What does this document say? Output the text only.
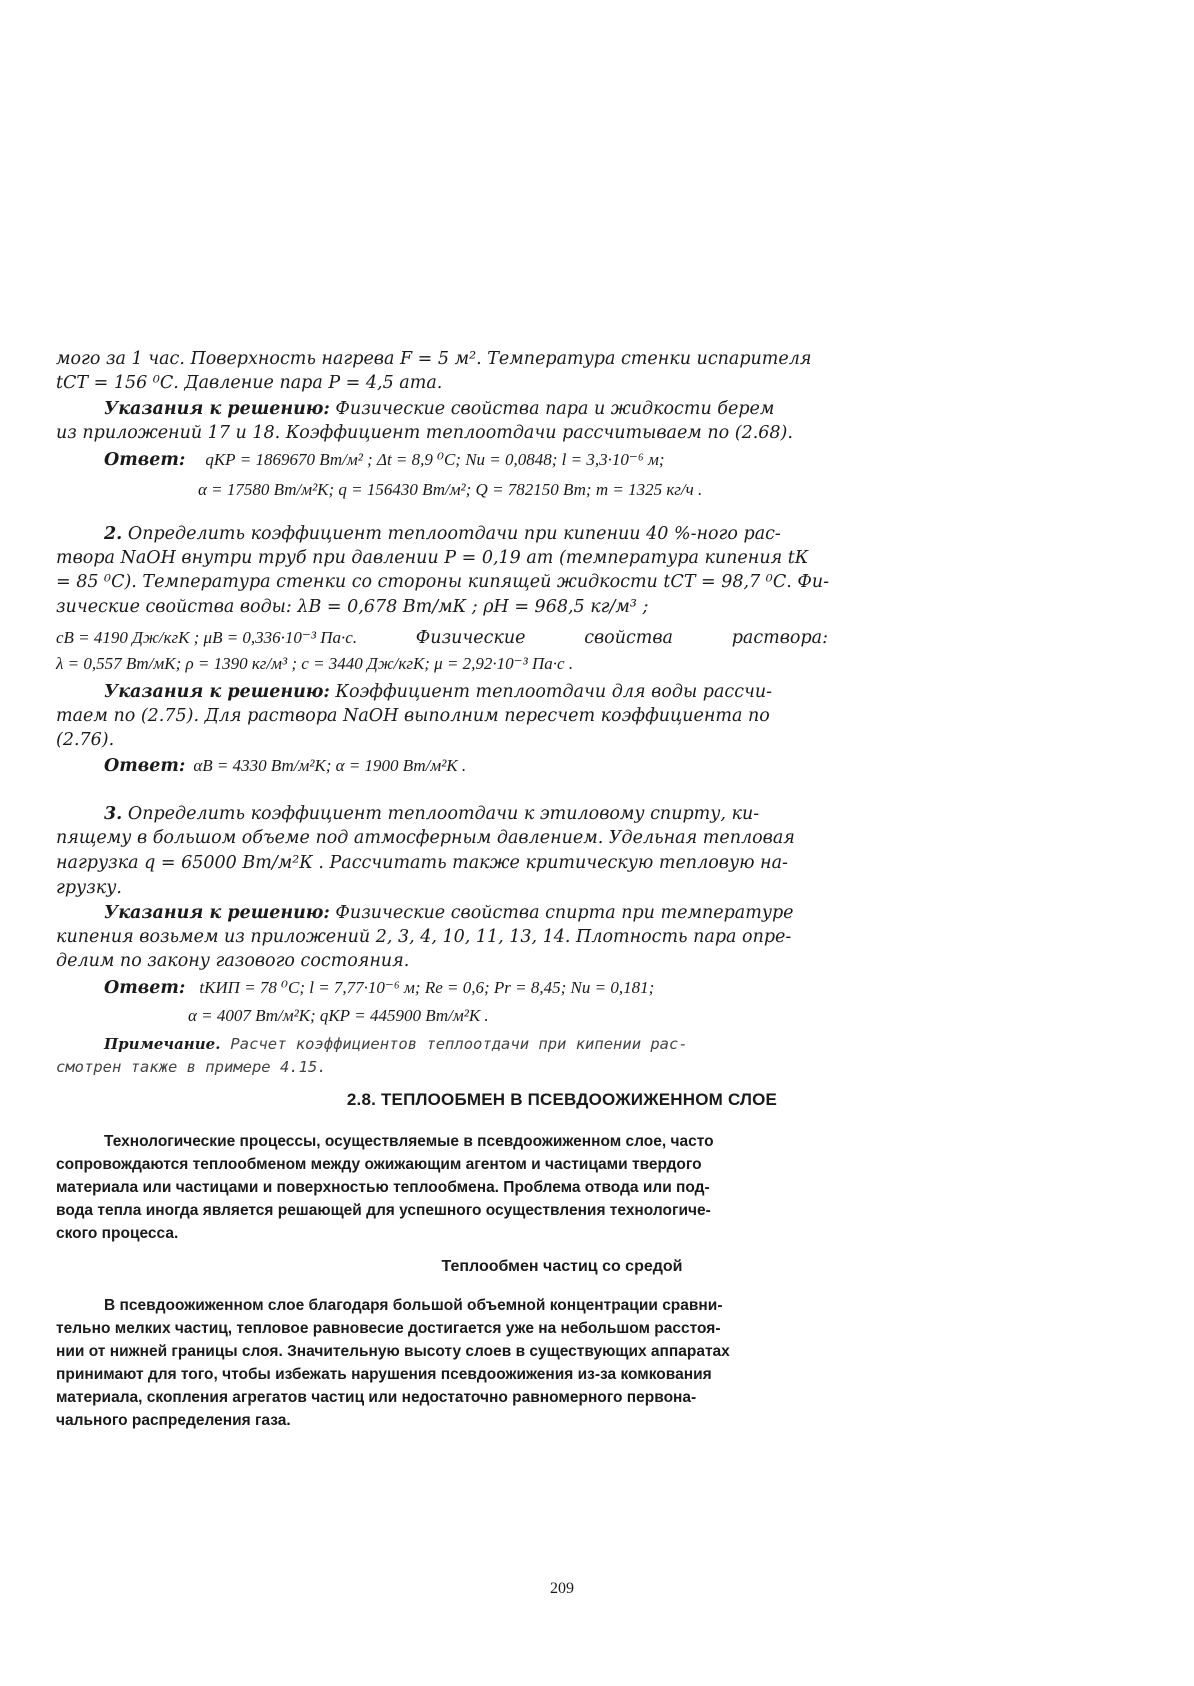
мого за 1 час. Поверхность нагрева F = 5 м². Температура стенки испарителя
tСТ = 156 ⁰С. Давление пара P = 4,5 ата.
Указания к решению: Физические свойства пара и жидкости берем
из приложений 17 и 18. Коэффициент теплоотдачи рассчитываем по (2.68).
Ответ: qКР = 1869670 Вт/м² ; Δt = 8,9 ⁰С; Nu = 0,0848; l = 3,3·10⁻⁶ м;
α = 17580 Вт/м²К; q = 156430 Вт/м²; Q = 782150 Вт; m = 1325 кг/ч .
2. Определить коэффициент теплоотдачи при кипении 40 %-ного рас-
твора NaOH внутри труб при давлении P = 0,19 ат (температура кипения tК
= 85 ⁰С). Температура стенки со стороны кипящей жидкости tСТ = 98,7 ⁰С. Фи-
зические свойства воды: λВ = 0,678 Вт/мК ; ρН = 968,5 кг/м³ ;
cВ = 4190 Дж/кгК ; μВ = 0,336·10⁻³ Па·с.	Физические	свойства	раствора:
λ = 0,557 Вт/мК; ρ = 1390 кг/м³ ; c = 3440 Дж/кгК; μ = 2,92·10⁻³ Па·с .
Указания к решению: Коэффициент теплоотдачи для воды рассчи-
таем по (2.75). Для раствора NaOH выполним пересчет коэффициента по
(2.76).
Ответ: αВ = 4330 Вт/м²К; α = 1900 Вт/м²К .
3. Определить коэффициент теплоотдачи к этиловому спирту, ки-
пящему в большом объеме под атмосферным давлением. Удельная тепловая
нагрузка q = 65000 Вт/м²К . Рассчитать также критическую тепловую на-
грузку.
Указания к решению: Физические свойства спирта при температуре
кипения возьмем из приложений 2, 3, 4, 10, 11, 13, 14. Плотность пара опре-
делим по закону газового состояния.
Ответ: tКИП = 78 ⁰С; l = 7,77·10⁻⁶ м; Re = 0,6; Pr = 8,45; Nu = 0,181;
α = 4007 Вт/м²К; qКР = 445900 Вт/м²К .
Примечание. Расчет коэффициентов теплоотдачи при кипении рас-
смотрен также в примере 4.15.
2.8. ТЕПЛООБМЕН В ПСЕВДООЖИЖЕННОМ СЛОЕ
Технологические процессы, осуществляемые в псевдоожиженном слое, часто
сопровождаются теплообменом между ожижающим агентом и частицами твердого
материала или частицами и поверхностью теплообмена. Проблема отвода или под-
вода тепла иногда является решающей для успешного осуществления технологиче-
ского процесса.
Теплообмен частиц со средой
В псевдоожиженном слое благодаря большой объемной концентрации сравни-
тельно мелких частиц, тепловое равновесие достигается уже на небольшом расстоя-
нии от нижней границы слоя. Значительную высоту слоев в существующих аппаратах
принимают для того, чтобы избежать нарушения псевдоожижения из-за комкования
материала, скопления агрегатов частиц или недостаточно равномерного первона-
чального распределения газа.
209
